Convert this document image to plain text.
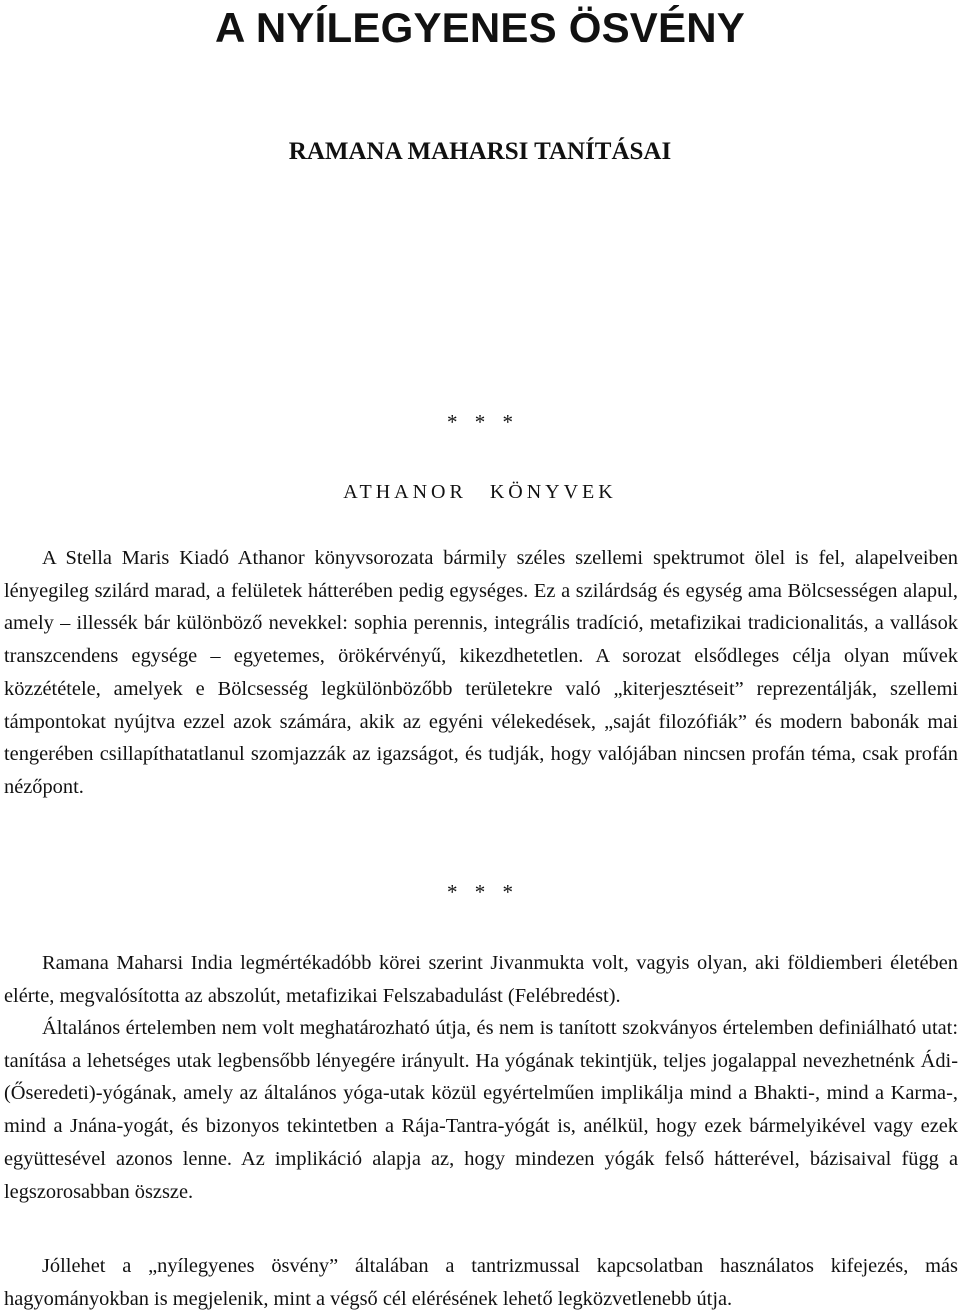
A NYÍLEGYENES ÖSVÉNY
RAMANA MAHARSI TANÍTÁSAI
* * *
ATHANOR KÖNYVEK

A Stella Maris Kiadó Athanor könyvsorozata bármily széles szellemi spektrumot ölel is fel, alapelveiben lényegileg szilárd marad, a felületek hátterében pedig egységes. Ez a szilárdság és egység ama Bölcsességen alapul, amely – illessék bár különböző nevekkel: sophia perennis, integrális tradíció, metafizikai tradicionalitás, a vallások transzcendens egysége – egyetemes, örökérvényű, kikezdhetetlen. A sorozat elsődleges célja olyan művek közzététele, amelyek e Bölcsesség legkülönbözőbb területekre való „kiterjesztéseit” reprezentálják, szellemi támpontokat nyújtva ezzel azok számára, akik az egyéni vélekedések, „saját filozófiák” és modern babonák mai tengerében csillapíthatatlanul szomjazzák az igazságot, és tudják, hogy valójában nincsen profán téma, csak profán nézőpont.

* * *

Ramana Maharsi India legmértékadóbb körei szerint Jivanmukta volt, vagyis olyan, aki földiemberi életében elérte, megvalósította az abszolút, metafizikai Felszabadulást (Felébredést).

Általános értelemben nem volt meghatározható útja, és nem is tanított szokványos értelemben definiálható utat: tanítása a lehetséges utak legbensőbb lényegére irányult. Ha yógának tekintjük, teljes jogalappal nevezhetnénk Ádi-(Őseredeti)-yógának, amely az általános yóga-utak közül egyértelműen implikálja mind a Bhakti-, mind a Karma-, mind a Jnána-yogát, és bizonyos tekintetben a Rája-Tantra-yógát is, anélkül, hogy ezek bármelyikével vagy ezek együttesével azonos lenne. Az implikáció alapja az, hogy mindezen yógák felső hátterével, bázisaival függ a legszorosabban öszsze.

Jóllehet a „nyílegyenes ösvény” általában a tantrizmussal kapcsolatban használatos kifejezés, más hagyományokban is megjelenik, mint a végső cél elérésének lehető legközvetlenebb útja.
